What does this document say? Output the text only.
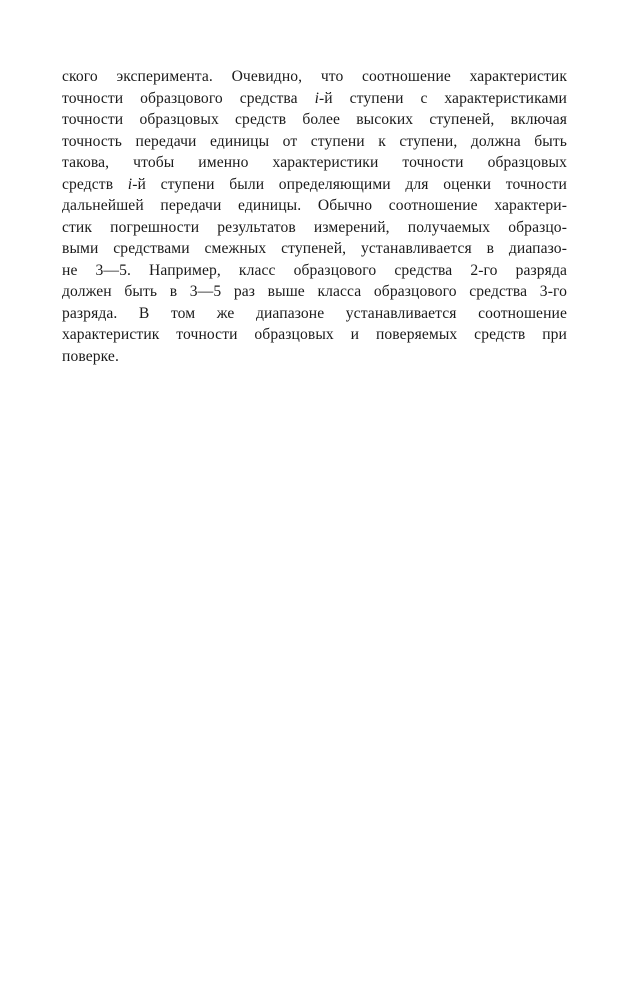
ского эксперимента. Очевидно, что соотношение характеристик
точности образцового средства i-й ступени с характеристиками
точности образцовых средств более высоких ступеней, включая
точность передачи единицы от ступени к ступени, должна быть
такова, чтобы именно характеристики точности образцовых
средств i-й ступени были определяющими для оценки точности
дальнейшей передачи единицы. Обычно соотношение характери-
стик погрешности результатов измерений, получаемых образцо-
выми средствами смежных ступеней, устанавливается в диапазо-
не 3—5. Например, класс образцового средства 2-го разряда
должен быть в 3—5 раз выше класса образцового средства 3-го
разряда. В том же диапазоне устанавливается соотношение
характеристик точности образцовых и поверяемых средств при
поверке.
